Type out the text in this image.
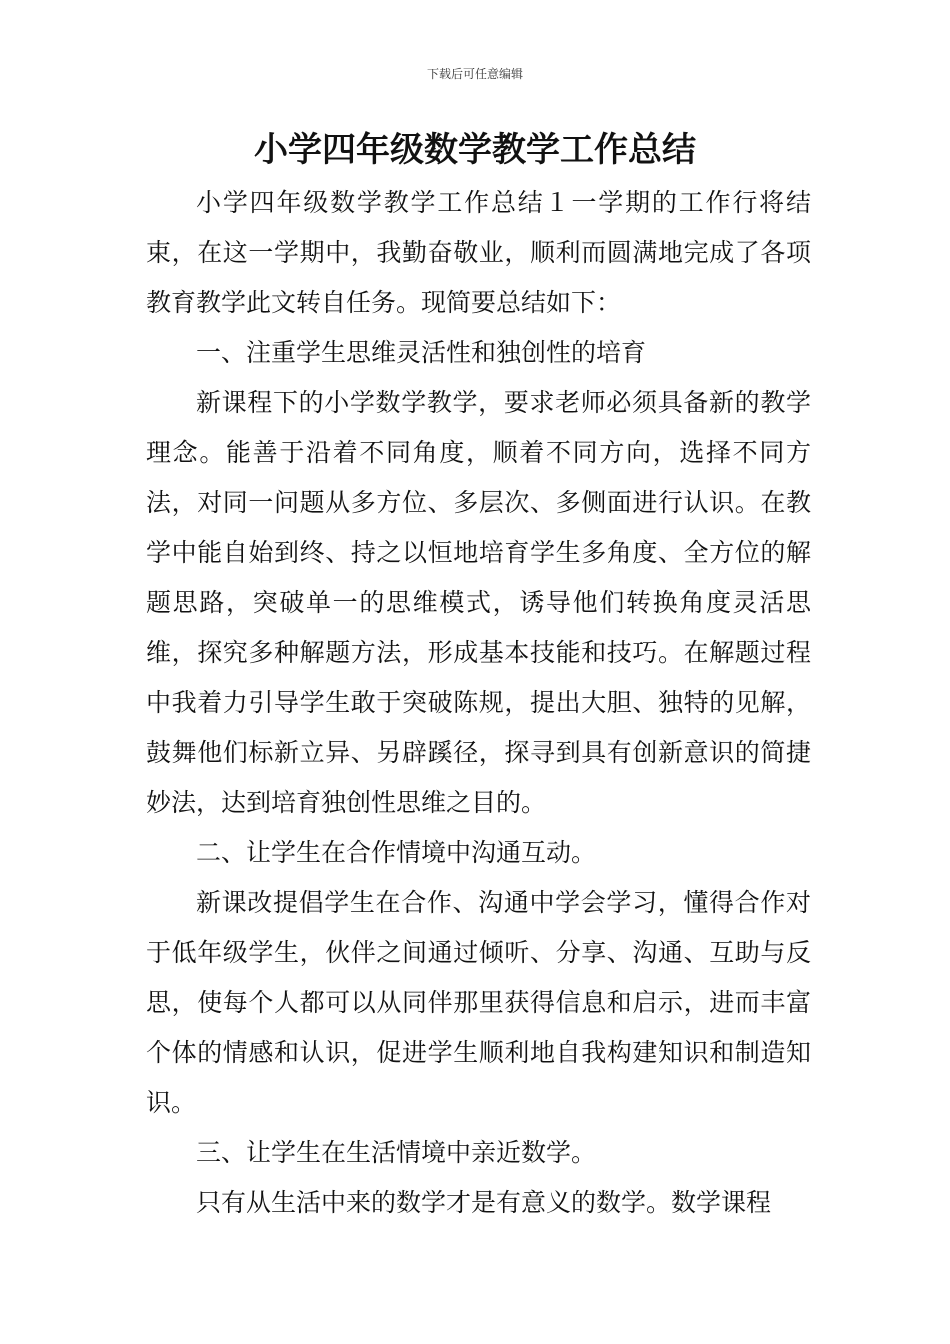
下载后可任意编辑
小学四年级数学教学工作总结

小学四年级数学教学工作总结１一学期的工作行将结束，在这一学期中，我勤奋敬业，顺利而圆满地完成了各项教育教学此文转自任务。现简要总结如下：

一、注重学生思维灵活性和独创性的培育

新课程下的小学数学教学，要求老师必须具备新的教学理念。能善于沿着不同角度，顺着不同方向，选择不同方法，对同一问题从多方位、多层次、多侧面进行认识。在教学中能自始到终、持之以恒地培育学生多角度、全方位的解题思路，突破单一的思维模式，诱导他们转换角度灵活思维，探究多种解题方法，形成基本技能和技巧。在解题过程中我着力引导学生敢于突破陈规，提出大胆、独特的见解，鼓舞他们标新立异、另辟蹊径，探寻到具有创新意识的简捷妙法，达到培育独创性思维之目的。

二、让学生在合作情境中沟通互动。

新课改提倡学生在合作、沟通中学会学习，懂得合作对于低年级学生，伙伴之间通过倾听、分享、沟通、互助与反思，使每个人都可以从同伴那里获得信息和启示，进而丰富个体的情感和认识，促进学生顺利地自我构建知识和制造知识。

三、让学生在生活情境中亲近数学。

只有从生活中来的数学才是有意义的数学。数学课程
